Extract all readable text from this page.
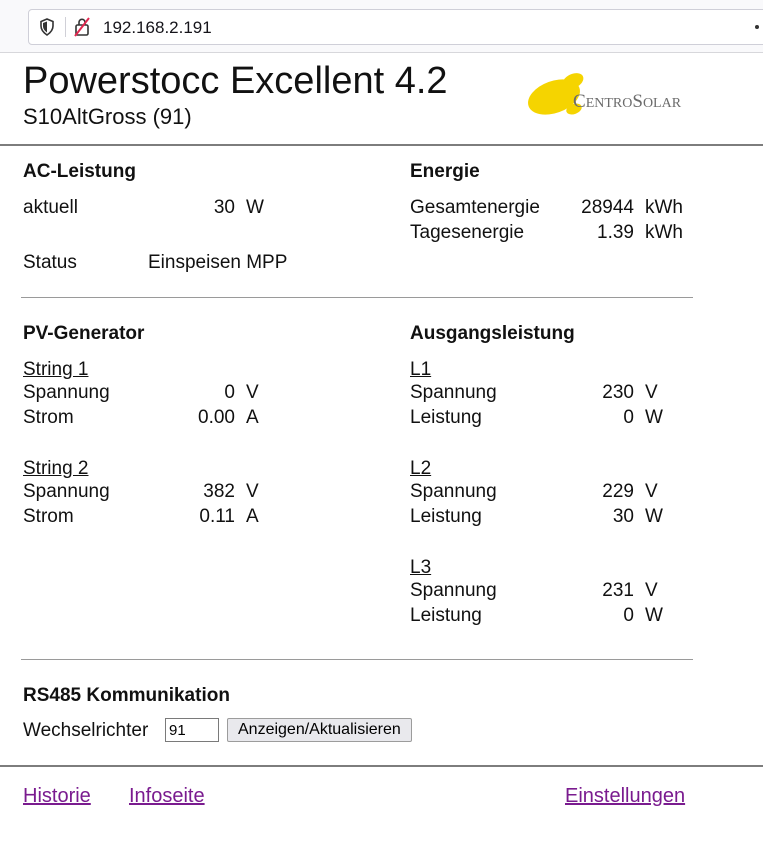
192.168.2.191
Powerstocc Excellent 4.2
S10AltGross (91)
CENTROSOLAR
AC-Leistung
aktuell	30 W
Status	Einspeisen MPP
Energie
Gesamtenergie	28944 kWh
Tagesenergie	1.39 kWh
PV-Generator
String 1
Spannung	0 V
Strom	0.00 A
String 2
Spannung	382 V
Strom	0.11 A
Ausgangsleistung
L1
Spannung	230 V
Leistung	0 W
L2
Spannung	229 V
Leistung	30 W
L3
Spannung	231 V
Leistung	0 W
RS485 Kommunikation
Wechselrichter
91	Anzeigen/Aktualisieren
Historie Infoseite	Einstellungen
